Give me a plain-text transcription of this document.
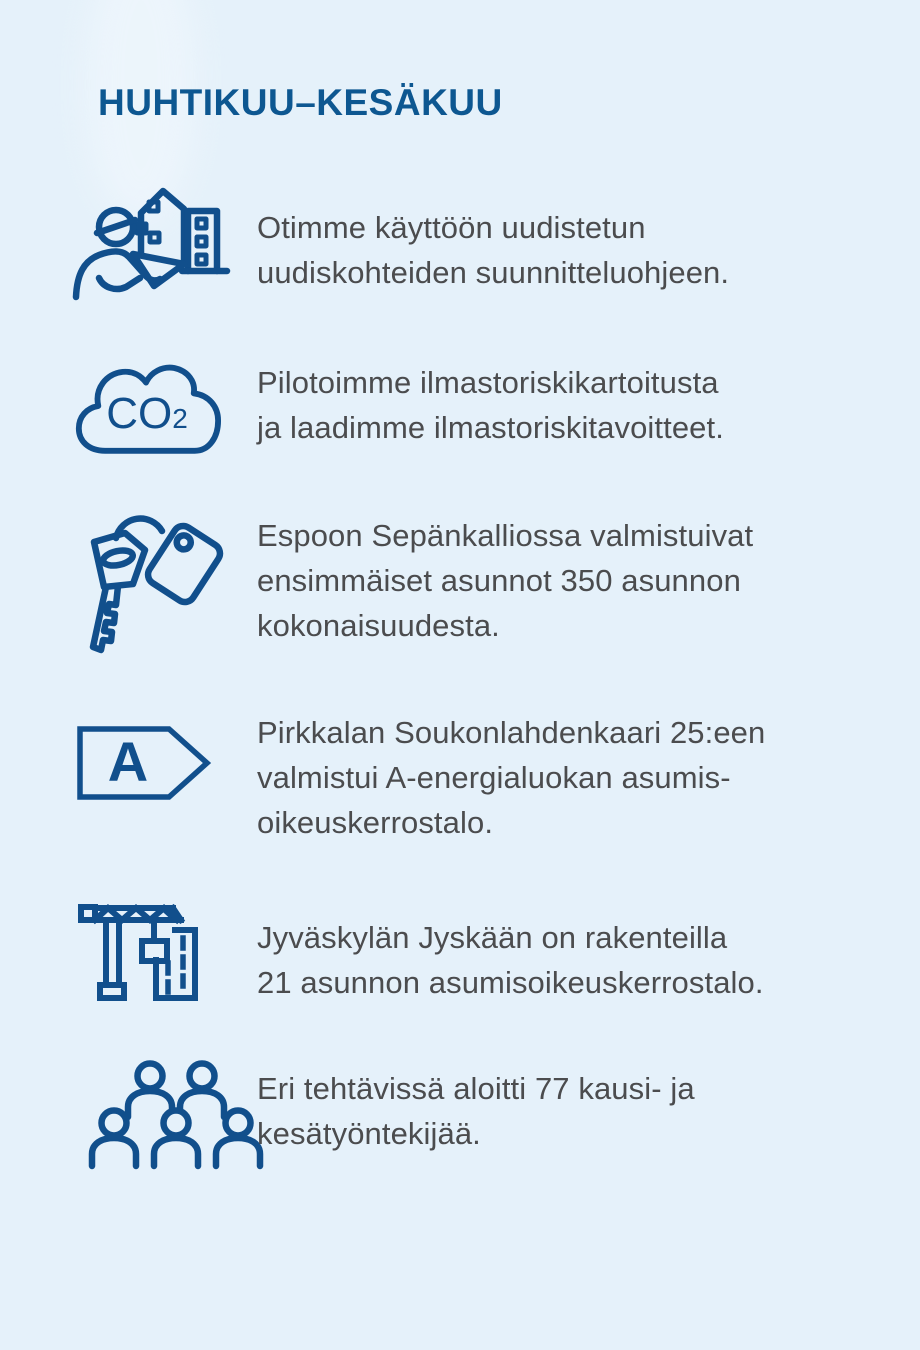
HUHTIKUU–KESÄKUU
Otimme käyttöön uudistetun
uudiskohteiden suunnitteluohjeen.
CO2
Pilotoimme ilmastoriskikartoitusta
ja laadimme ilmastoriskitavoitteet.
Espoon Sepänkalliossa valmistuivat
ensimmäiset asunnot 350 asunnon
kokonaisuudesta.
A	Pirkkalan Soukonlahdenkaari 25:een
valmistui A-energialuokan asumis-
oikeuskerrostalo.
Jyväskylän Jyskään on rakenteilla
21 asunnon asumisoikeuskerrostalo.
Eri tehtävissä aloitti 77 kausi- ja
kesätyöntekijää.
